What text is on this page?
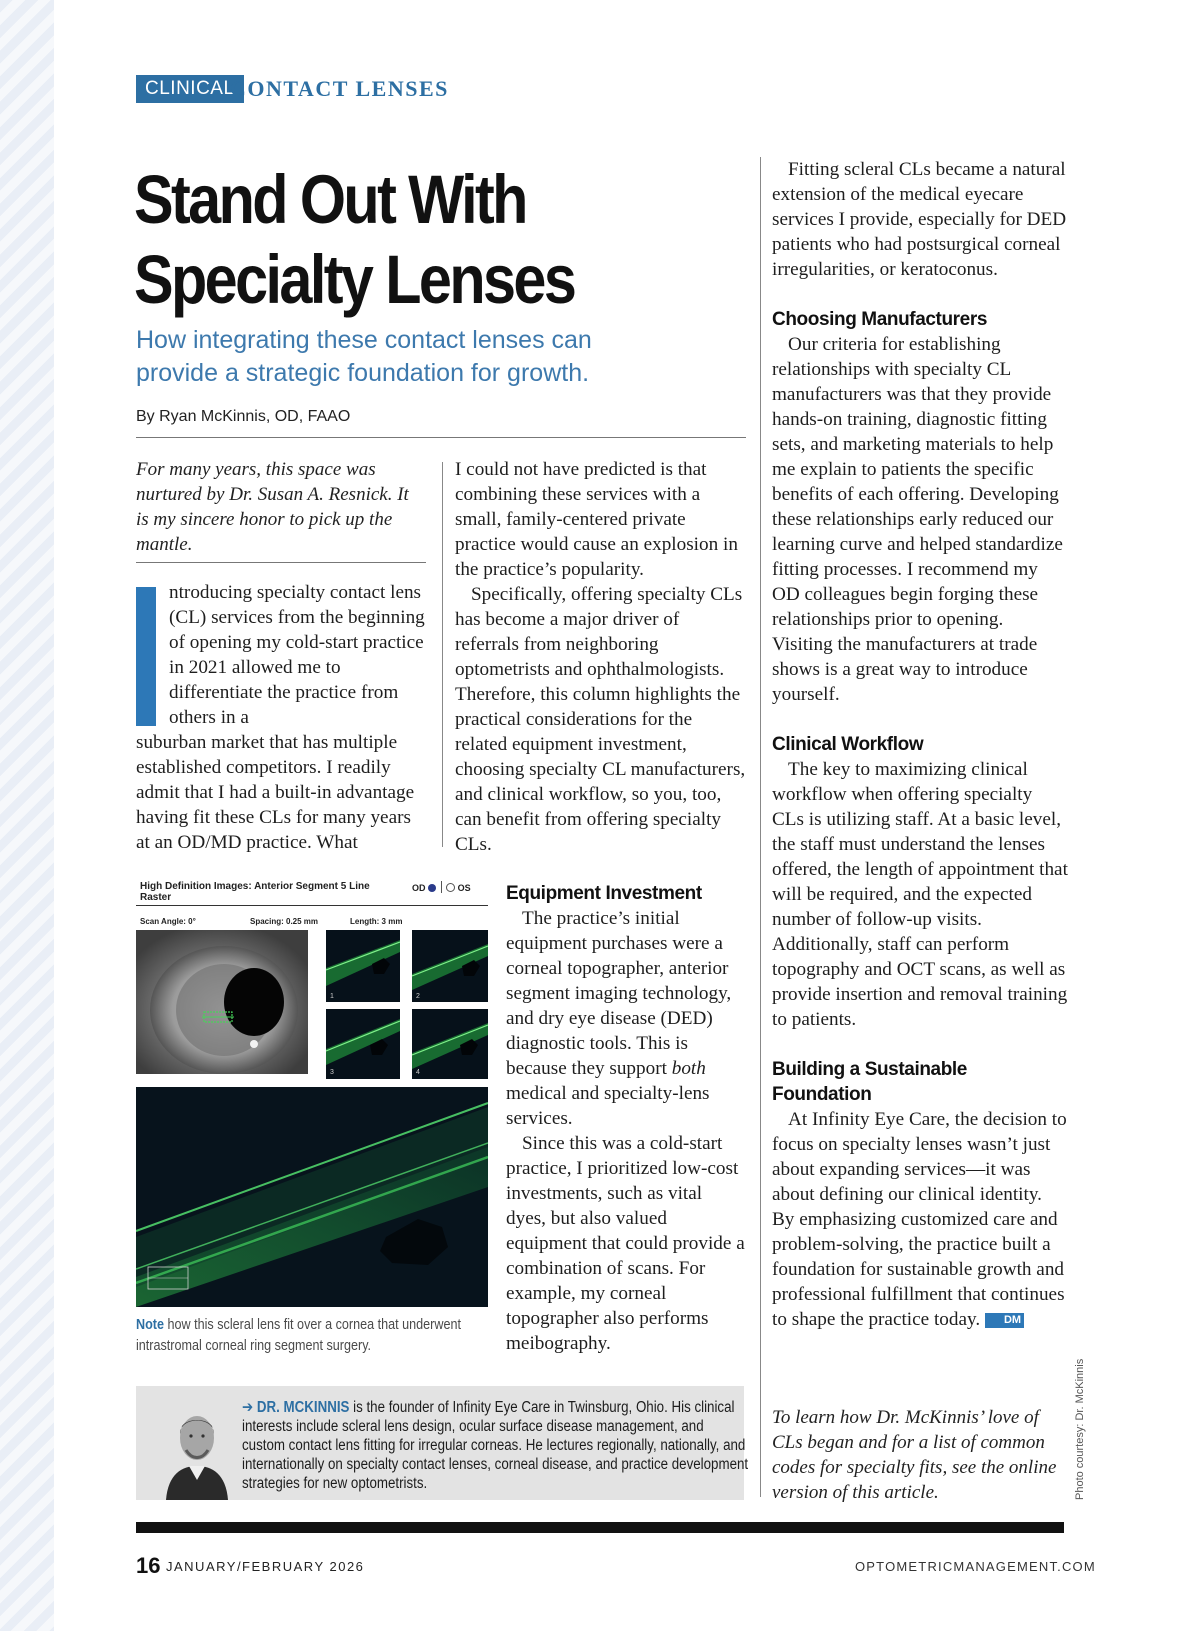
CLINICAL
CONTACT LENSES
Stand Out With
Specialty Lenses
How integrating these contact lenses can
provide a strategic foundation for growth.
By Ryan McKinnis, OD, FAAO
For many years, this space was nurtured by Dr. Susan A. Resnick. It is my sincere honor to pick up the mantle.

ntroducing specialty contact lens (CL) services from the beginning of opening my cold-start practice in 2021 allowed me to differentiate the practice from others in a

suburban market that has multiple established competitors. I readily admit that I had a built-in advantage having fit these CLs for many years at an OD/MD practice. What

I could not have predicted is that combining these services with a small, family-centered private practice would cause an explosion in the practice’s popularity.

Specifically, offering specialty CLs has become a major driver of referrals from neighboring optometrists and ophthalmologists. Therefore, this column highlights the practical considerations for the related equipment investment, choosing specialty CL manufacturers, and clinical workflow, so you, too, can benefit from offering specialty CLs.

Fitting scleral CLs became a natural extension of the medical eyecare services I provide, especially for DED patients who had postsurgical corneal irregularities, or keratoconus.

Choosing Manufacturers

Our criteria for establishing relationships with specialty CL manufacturers was that they provide hands-on training, diagnostic fitting sets, and marketing materials to help me explain to patients the specific benefits of each offering. Developing these relationships early reduced our learning curve and helped standardize fitting processes. I recommend my OD colleagues begin forging these relationships prior to opening. Visiting the manufacturers at trade shows is a great way to introduce yourself.

Clinical Workflow

The key to maximizing clinical workflow when offering specialty CLs is utilizing staff. At a basic level, the staff must understand the lenses offered, the length of appointment that will be required, and the expected number of follow-up visits. Additionally, staff can perform topography and OCT scans, as well as provide insertion and removal training to patients.

Building a Sustainable Foundation

At Infinity Eye Care, the decision to focus on specialty lenses wasn’t just about expanding services—it was about defining our clinical identity. By emphasizing customized care and problem-solving, the practice built a foundation for sustainable growth and professional fulfillment that continues to shape the practice today. DM

Equipment Investment

The practice’s initial equipment purchases were a corneal topographer, anterior segment imaging technology, and dry eye disease (DED) diagnostic tools. This is because they support both medical and specialty-lens services.

Since this was a cold-start practice, I prioritized low-cost investments, such as vital dyes, but also valued equipment that could provide a combination of scans. For example, my corneal topographer also performs meibography.

High Definition Images: Anterior Segment 5 Line
Raster
OD	OS
Scan Angle: 0°	Spacing: 0.25 mm	Length: 3 mm
1	2
3	4
Note how this scleral lens fit over a cornea that underwent intrastromal corneal ring segment surgery.
➔ DR. MCKINNIS is the founder of Infinity Eye Care in Twinsburg, Ohio. His clinical interests include scleral lens design, ocular surface disease management, and custom contact lens fitting for irregular corneas. He lectures regionally, nationally, and internationally on specialty contact lenses, corneal disease, and practice development strategies for new optometrists.
To learn how Dr. McKinnis’ love of CLs began and for a list of common codes for specialty fits, see the online version of this article.	Photo courtesy: Dr. McKinnis
16 JANUARY/FEBRUARY 2026	OPTOMETRICMANAGEMENT.COM
